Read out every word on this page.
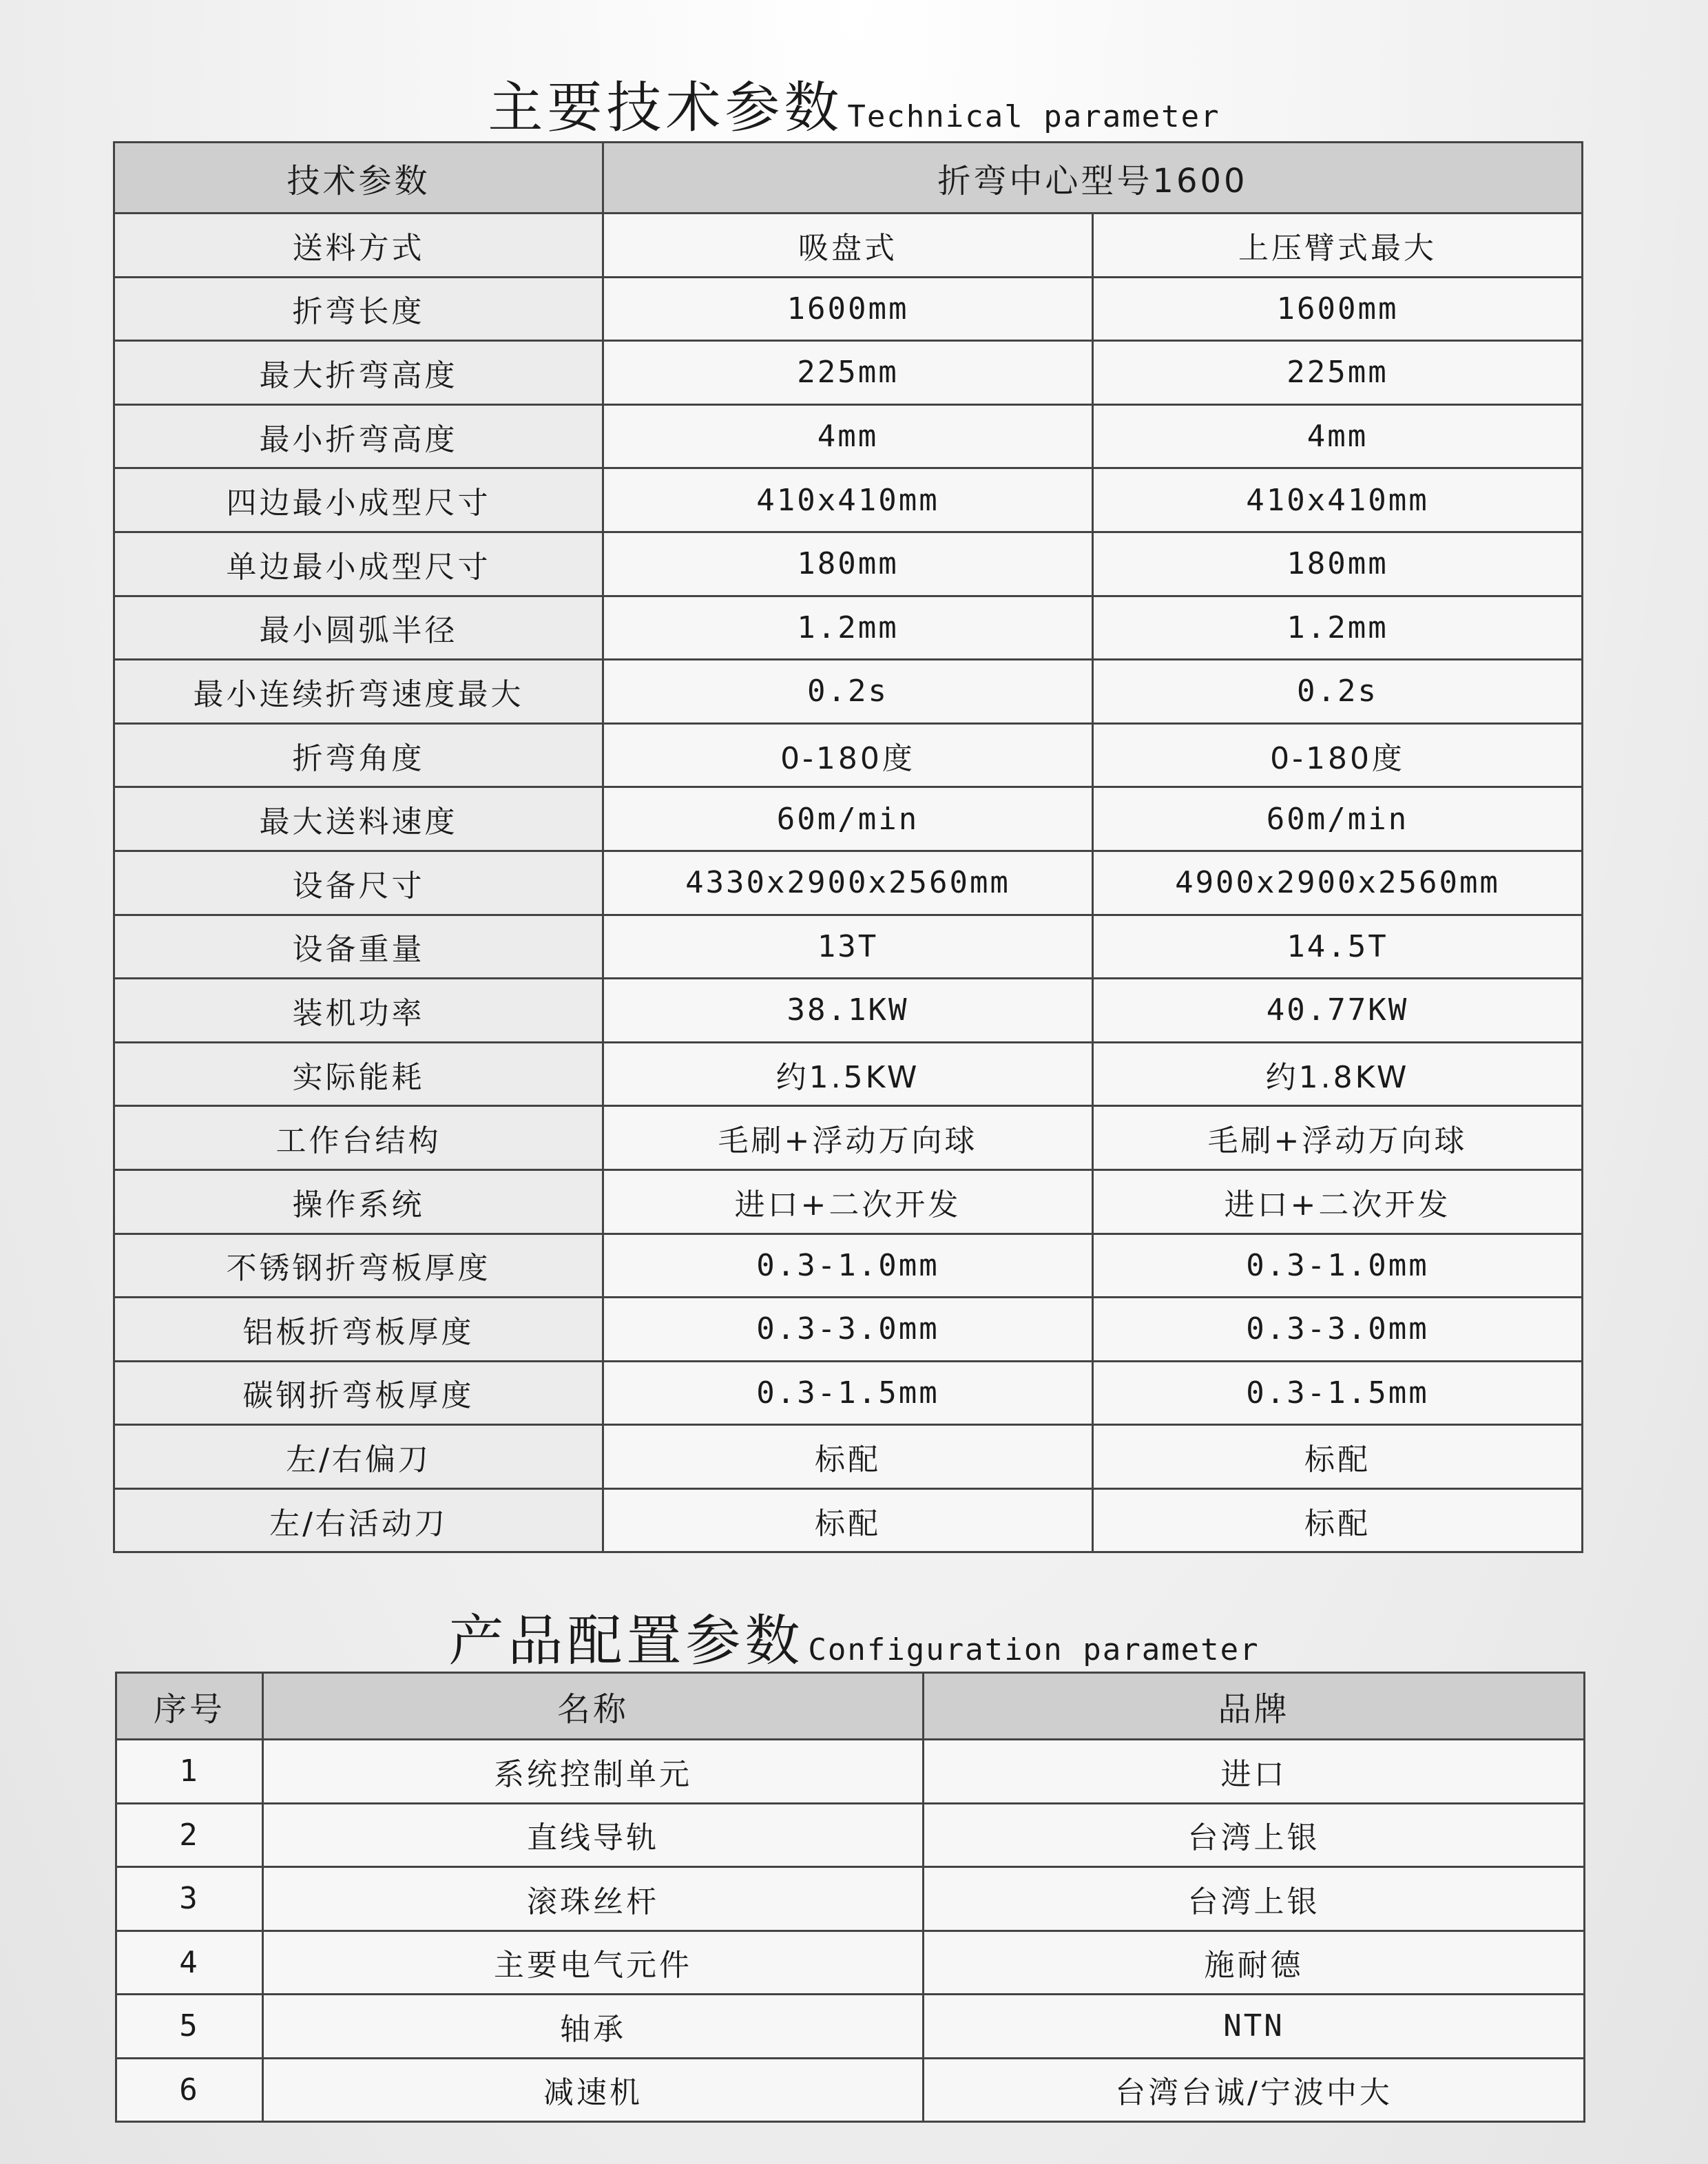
主要技术参数 Technical parameter
技术参数	折弯中心型号1600	
送料方式	吸盘式	上压臂式最大
折弯长度	1600mm	1600mm
最大折弯高度	225mm	225mm
最小折弯高度	4mm	4mm
四边最小成型尺寸	410x410mm	410x410mm
单边最小成型尺寸	180mm	180mm
最小圆弧半径	1.2mm	1.2mm
最小连续折弯速度最大	0.2s	0.2s
折弯角度	0-180度	0-180度
最大送料速度	60m/min	60m/min
设备尺寸	4330x2900x2560mm	4900x2900x2560mm
设备重量	13T	14.5T
装机功率	38.1KW	40.77KW
实际能耗	约1.5KW	约1.8KW
工作台结构	毛刷+浮动万向球	毛刷+浮动万向球
操作系统	进口+二次开发	进口+二次开发
不锈钢折弯板厚度	0.3-1.0mm	0.3-1.0mm
铝板折弯板厚度	0.3-3.0mm	0.3-3.0mm
碳钢折弯板厚度	0.3-1.5mm	0.3-1.5mm
左/右偏刀	标配	标配
左/右活动刀	标配	标配
产品配置参数 Configuration parameter
序号	名称	品牌
1	系统控制单元	进口
2	直线导轨	台湾上银
3	滚珠丝杆	台湾上银
4	主要电气元件	施耐德
5	轴承	NTN
6	减速机	台湾台诚/宁波中大
